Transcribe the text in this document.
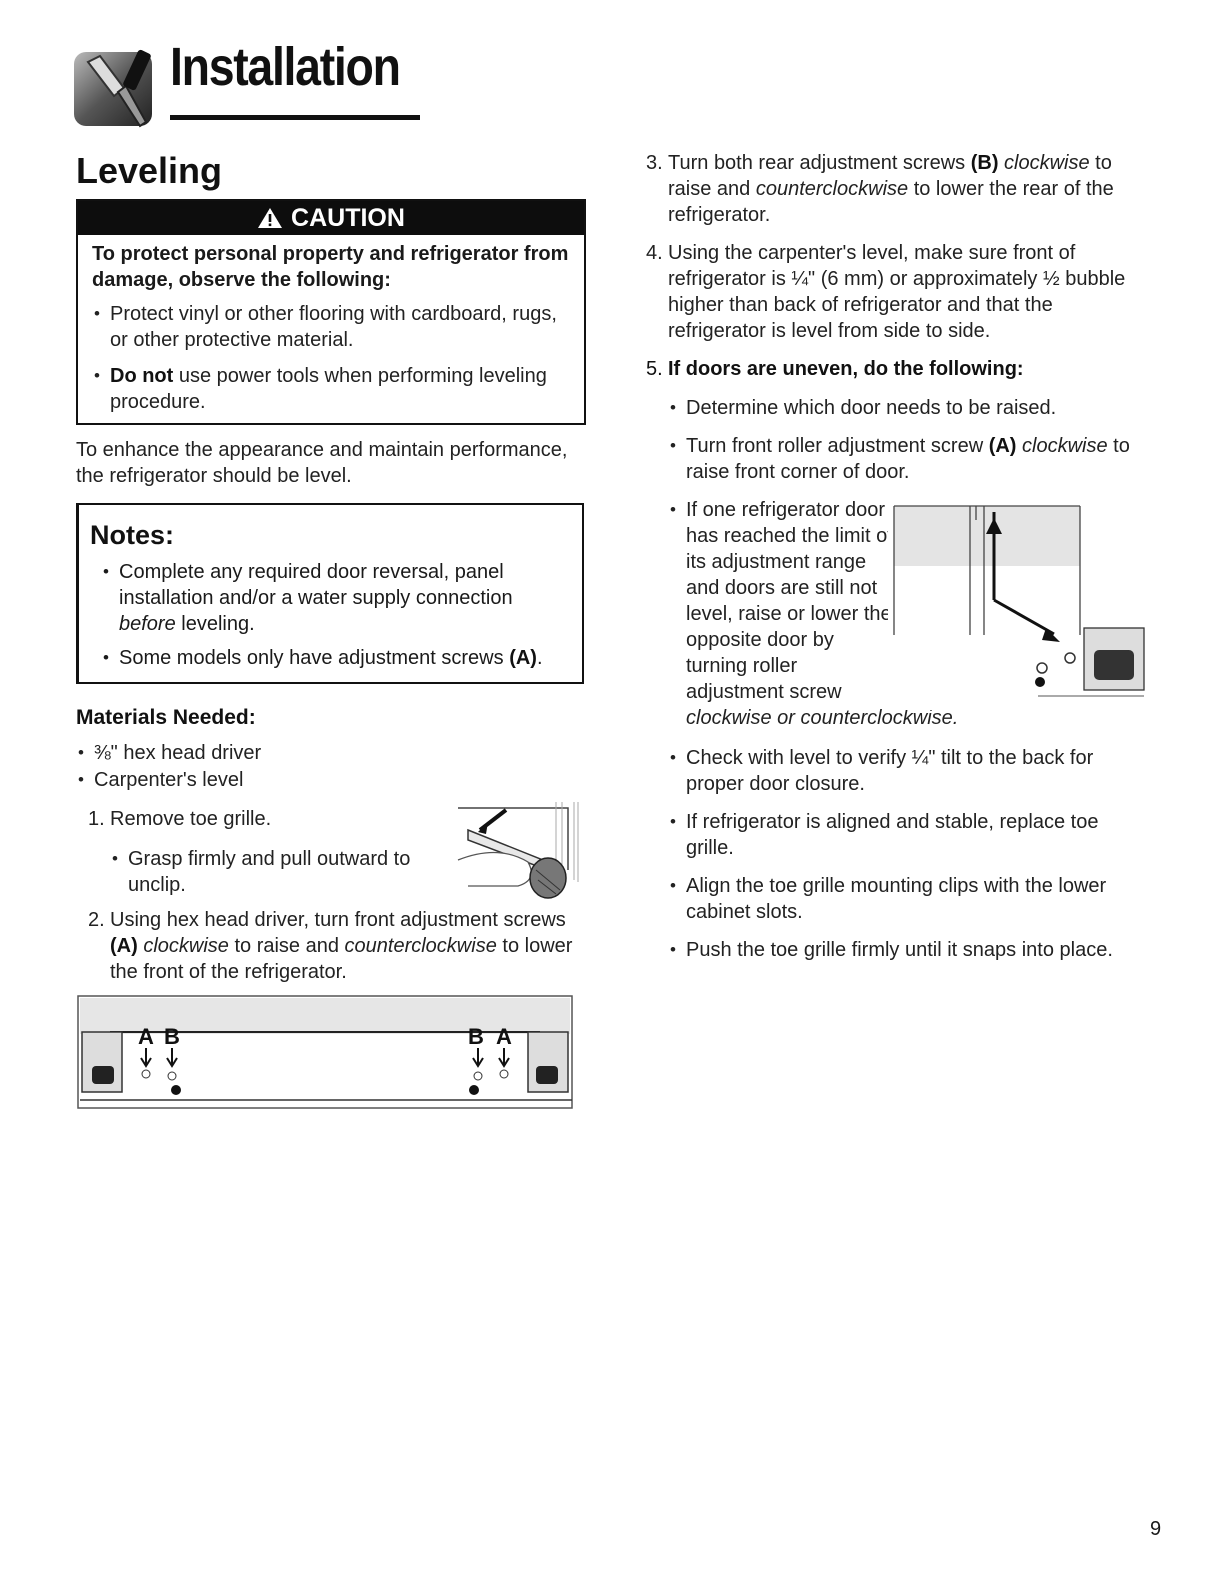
Installation
Leveling
CAUTION

To protect personal property and refrigerator from damage, observe the following:

• Protect vinyl or other flooring with cardboard, rugs, or other protective material.
• Do not use power tools when performing leveling procedure.
To enhance the appearance and maintain performance, the refrigerator should be level.
Notes:
• Complete any required door reversal, panel installation and/or a water supply connection before leveling.
• Some models only have adjustment screws (A).
Materials Needed:
• ⅜" hex head driver
• Carpenter's level
1. Remove toe grille.
• Grasp firmly and pull outward to unclip.
2. Using hex head driver, turn front adjustment screws (A) clockwise to raise and counterclockwise to lower the front of the refrigerator.
A B	B A
3. Turn both rear adjustment screws (B) clockwise to raise and counterclockwise to lower the rear of the refrigerator.
4. Using the carpenter's level, make sure front of refrigerator is ¼" (6 mm) or approximately ½ bubble higher than back of refrigerator and that the refrigerator is level from side to side.
5. If doors are uneven, do the following:
• Determine which door needs to be raised.
• Turn front roller adjustment screw (A) clockwise to raise front corner of door.
• If one refrigerator door has reached the limit of its adjustment range and doors are still not level, raise or lower the opposite door by turning roller adjustment screw
clockwise or counterclockwise.
• Check with level to verify ¼" tilt to the back for proper door closure.
• If refrigerator is aligned and stable, replace toe grille.
• Align the toe grille mounting clips with the lower cabinet slots.
• Push the toe grille firmly until it snaps into place.
9
